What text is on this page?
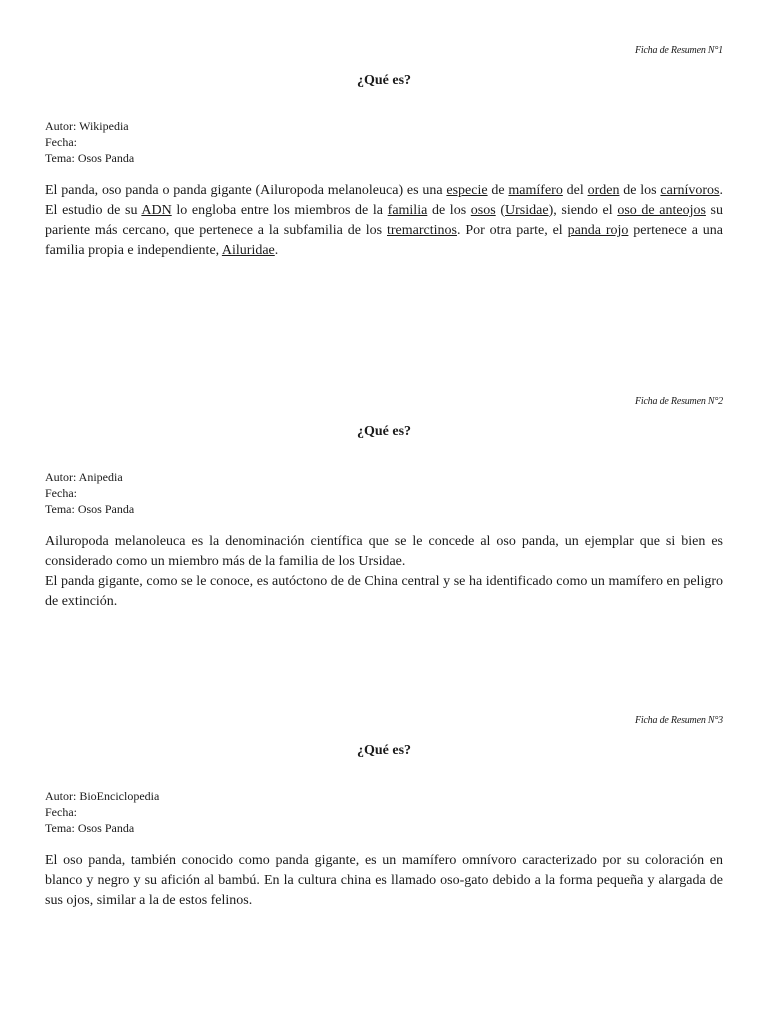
Ficha de Resumen N°1
¿Qué es?
Autor: Wikipedia
Fecha:
Tema: Osos Panda

El panda, oso panda o panda gigante (Ailuropoda melanoleuca) es una especie de mamífero del orden de los carnívoros. El estudio de su ADN lo engloba entre los miembros de la familia de los osos (Ursidae), siendo el oso de anteojos su pariente más cercano, que pertenece a la subfamilia de los tremarctinos. Por otra parte, el panda rojo pertenece a una familia propia e independiente, Ailuridae.

Ficha de Resumen N°2
¿Qué es?
Autor: Anipedia
Fecha:
Tema: Osos Panda

Ailuropoda melanoleuca es la denominación científica que se le concede al oso panda, un ejemplar que si bien es considerado como un miembro más de la familia de los Ursidae.

El panda gigante, como se le conoce, es autóctono de de China central y se ha identificado como un mamífero en peligro de extinción.

Ficha de Resumen N°3
¿Qué es?
Autor: BioEnciclopedia
Fecha:
Tema: Osos Panda

El oso panda, también conocido como panda gigante, es un mamífero omnívoro caracterizado por su coloración en blanco y negro y su afición al bambú. En la cultura china es llamado oso-gato debido a la forma pequeña y alargada de sus ojos, similar a la de estos felinos.
